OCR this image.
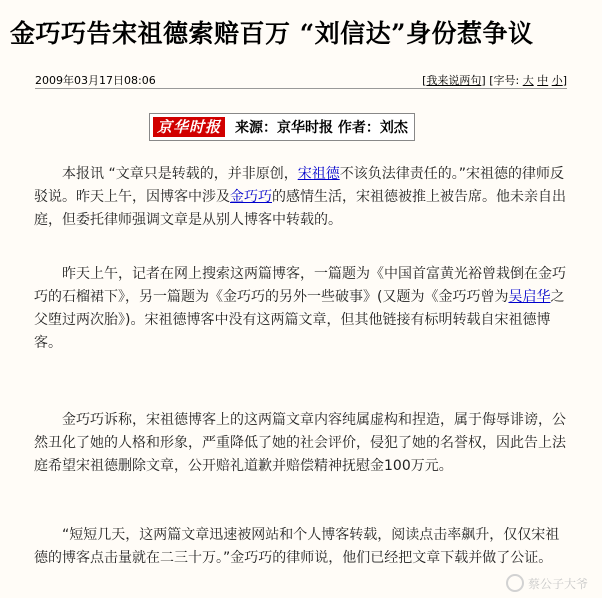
金巧巧告宋祖德索赔百万 “刘信达”身份惹争议
2009年03月17日08:06	[我来说两句] [字号: 大 中 小]
京华时报 来源：京华时报 作者：刘杰

本报讯 “文章只是转载的，并非原创，宋祖德不该负法律责任的。”宋祖德的律师反驳说。昨天上午，因博客中涉及金巧巧的感情生活，宋祖德被推上被告席。他未亲自出庭，但委托律师强调文章是从别人博客中转载的。

昨天上午，记者在网上搜索这两篇博客，一篇题为《中国首富黄光裕曾栽倒在金巧巧的石榴裙下》，另一篇题为《金巧巧的另外一些破事》(又题为《金巧巧曾为吴启华之父堕过两次胎》)。宋祖德博客中没有这两篇文章，但其他链接有标明转载自宋祖德博客。

金巧巧诉称，宋祖德博客上的这两篇文章内容纯属虚构和捏造，属于侮辱诽谤，公然丑化了她的人格和形象，严重降低了她的社会评价，侵犯了她的名誉权，因此告上法庭希望宋祖德删除文章，公开赔礼道歉并赔偿精神抚慰金100万元。

“短短几天，这两篇文章迅速被网站和个人博客转载，阅读点击率飙升，仅仅宋祖德的博客点击量就在二三十万。”金巧巧的律师说，他们已经把文章下载并做了公证。

蔡公子大爷
